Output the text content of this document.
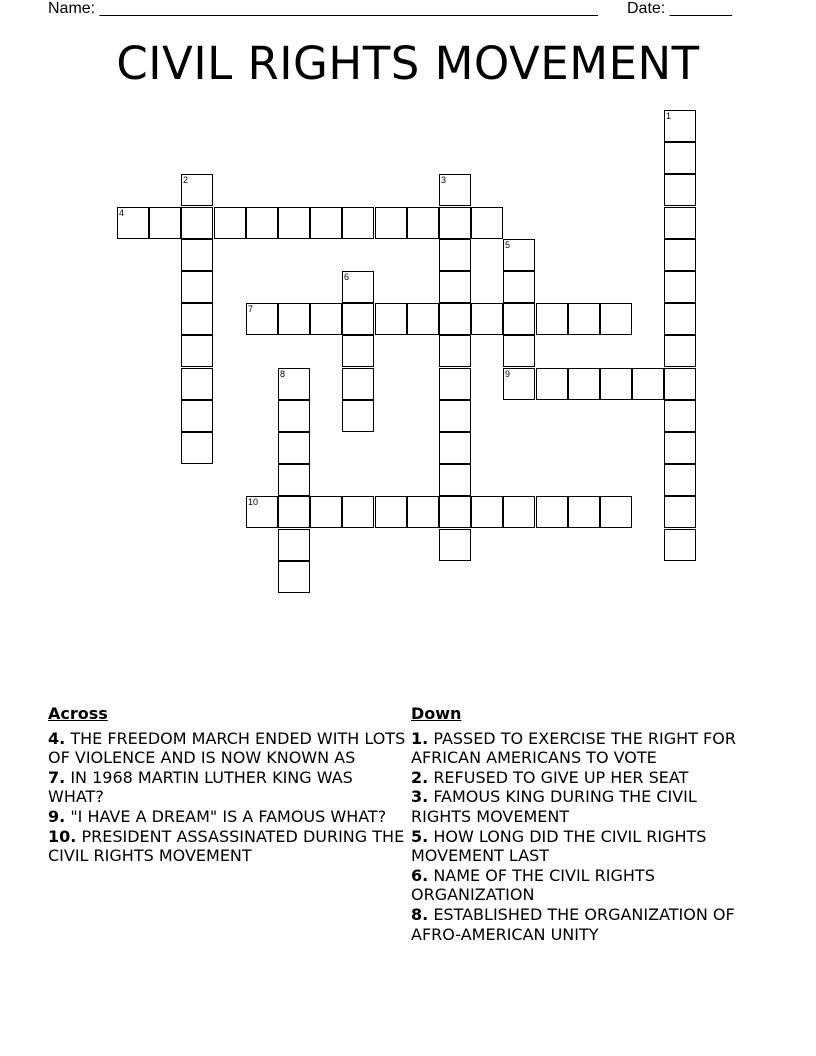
Name: ________________________________________________________ Date: _______
CIVIL RIGHTS MOVEMENT
1
2	3
4
5
9
6
7
8
10
Across

4. THE FREEDOM MARCH ENDED WITH LOTS OF VIOLENCE AND IS NOW KNOWN AS

7. IN 1968 MARTIN LUTHER KING WAS WHAT?

9. "I HAVE A DREAM" IS A FAMOUS WHAT?

10. PRESIDENT ASSASSINATED DURING THE CIVIL RIGHTS MOVEMENT

Down

1. PASSED TO EXERCISE THE RIGHT FOR AFRICAN AMERICANS TO VOTE

2. REFUSED TO GIVE UP HER SEAT

3. FAMOUS KING DURING THE CIVIL RIGHTS MOVEMENT

5. HOW LONG DID THE CIVIL RIGHTS MOVEMENT LAST

6. NAME OF THE CIVIL RIGHTS ORGANIZATION

8. ESTABLISHED THE ORGANIZATION OF AFRO-AMERICAN UNITY
